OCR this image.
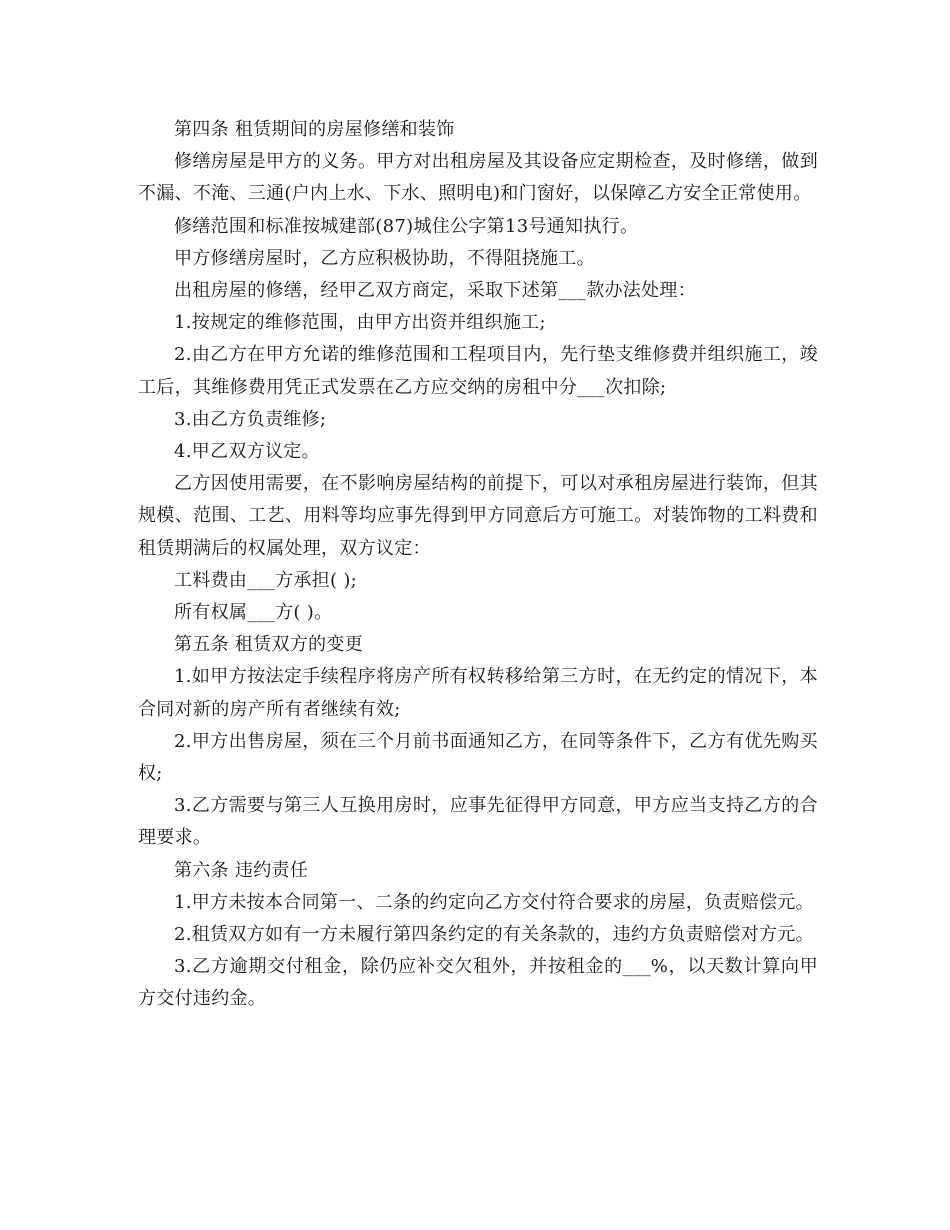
第四条 租赁期间的房屋修缮和装饰

修缮房屋是甲方的义务。甲方对出租房屋及其设备应定期检查，及时修缮，做到不漏、不淹、三通(户内上水、下水、照明电)和门窗好，以保障乙方安全正常使用。

修缮范围和标准按城建部(87)城住公字第13号通知执行。

甲方修缮房屋时，乙方应积极协助，不得阻挠施工。

出租房屋的修缮，经甲乙双方商定，采取下述第___款办法处理：

1.按规定的维修范围，由甲方出资并组织施工;

2.由乙方在甲方允诺的维修范围和工程项目内，先行垫支维修费并组织施工，竣工后，其维修费用凭正式发票在乙方应交纳的房租中分___次扣除;

3.由乙方负责维修;

4.甲乙双方议定。

乙方因使用需要，在不影响房屋结构的前提下，可以对承租房屋进行装饰，但其规模、范围、工艺、用料等均应事先得到甲方同意后方可施工。对装饰物的工料费和租赁期满后的权属处理，双方议定：

工料费由___方承担( );

所有权属___方( )。

第五条 租赁双方的变更

1.如甲方按法定手续程序将房产所有权转移给第三方时，在无约定的情况下，本合同对新的房产所有者继续有效;

2.甲方出售房屋，须在三个月前书面通知乙方，在同等条件下，乙方有优先购买权;

3.乙方需要与第三人互换用房时，应事先征得甲方同意，甲方应当支持乙方的合理要求。

第六条 违约责任

1.甲方未按本合同第一、二条的约定向乙方交付符合要求的房屋，负责赔偿元。

2.租赁双方如有一方未履行第四条约定的有关条款的，违约方负责赔偿对方元。

3.乙方逾期交付租金，除仍应补交欠租外，并按租金的___%，以天数计算向甲方交付违约金。
